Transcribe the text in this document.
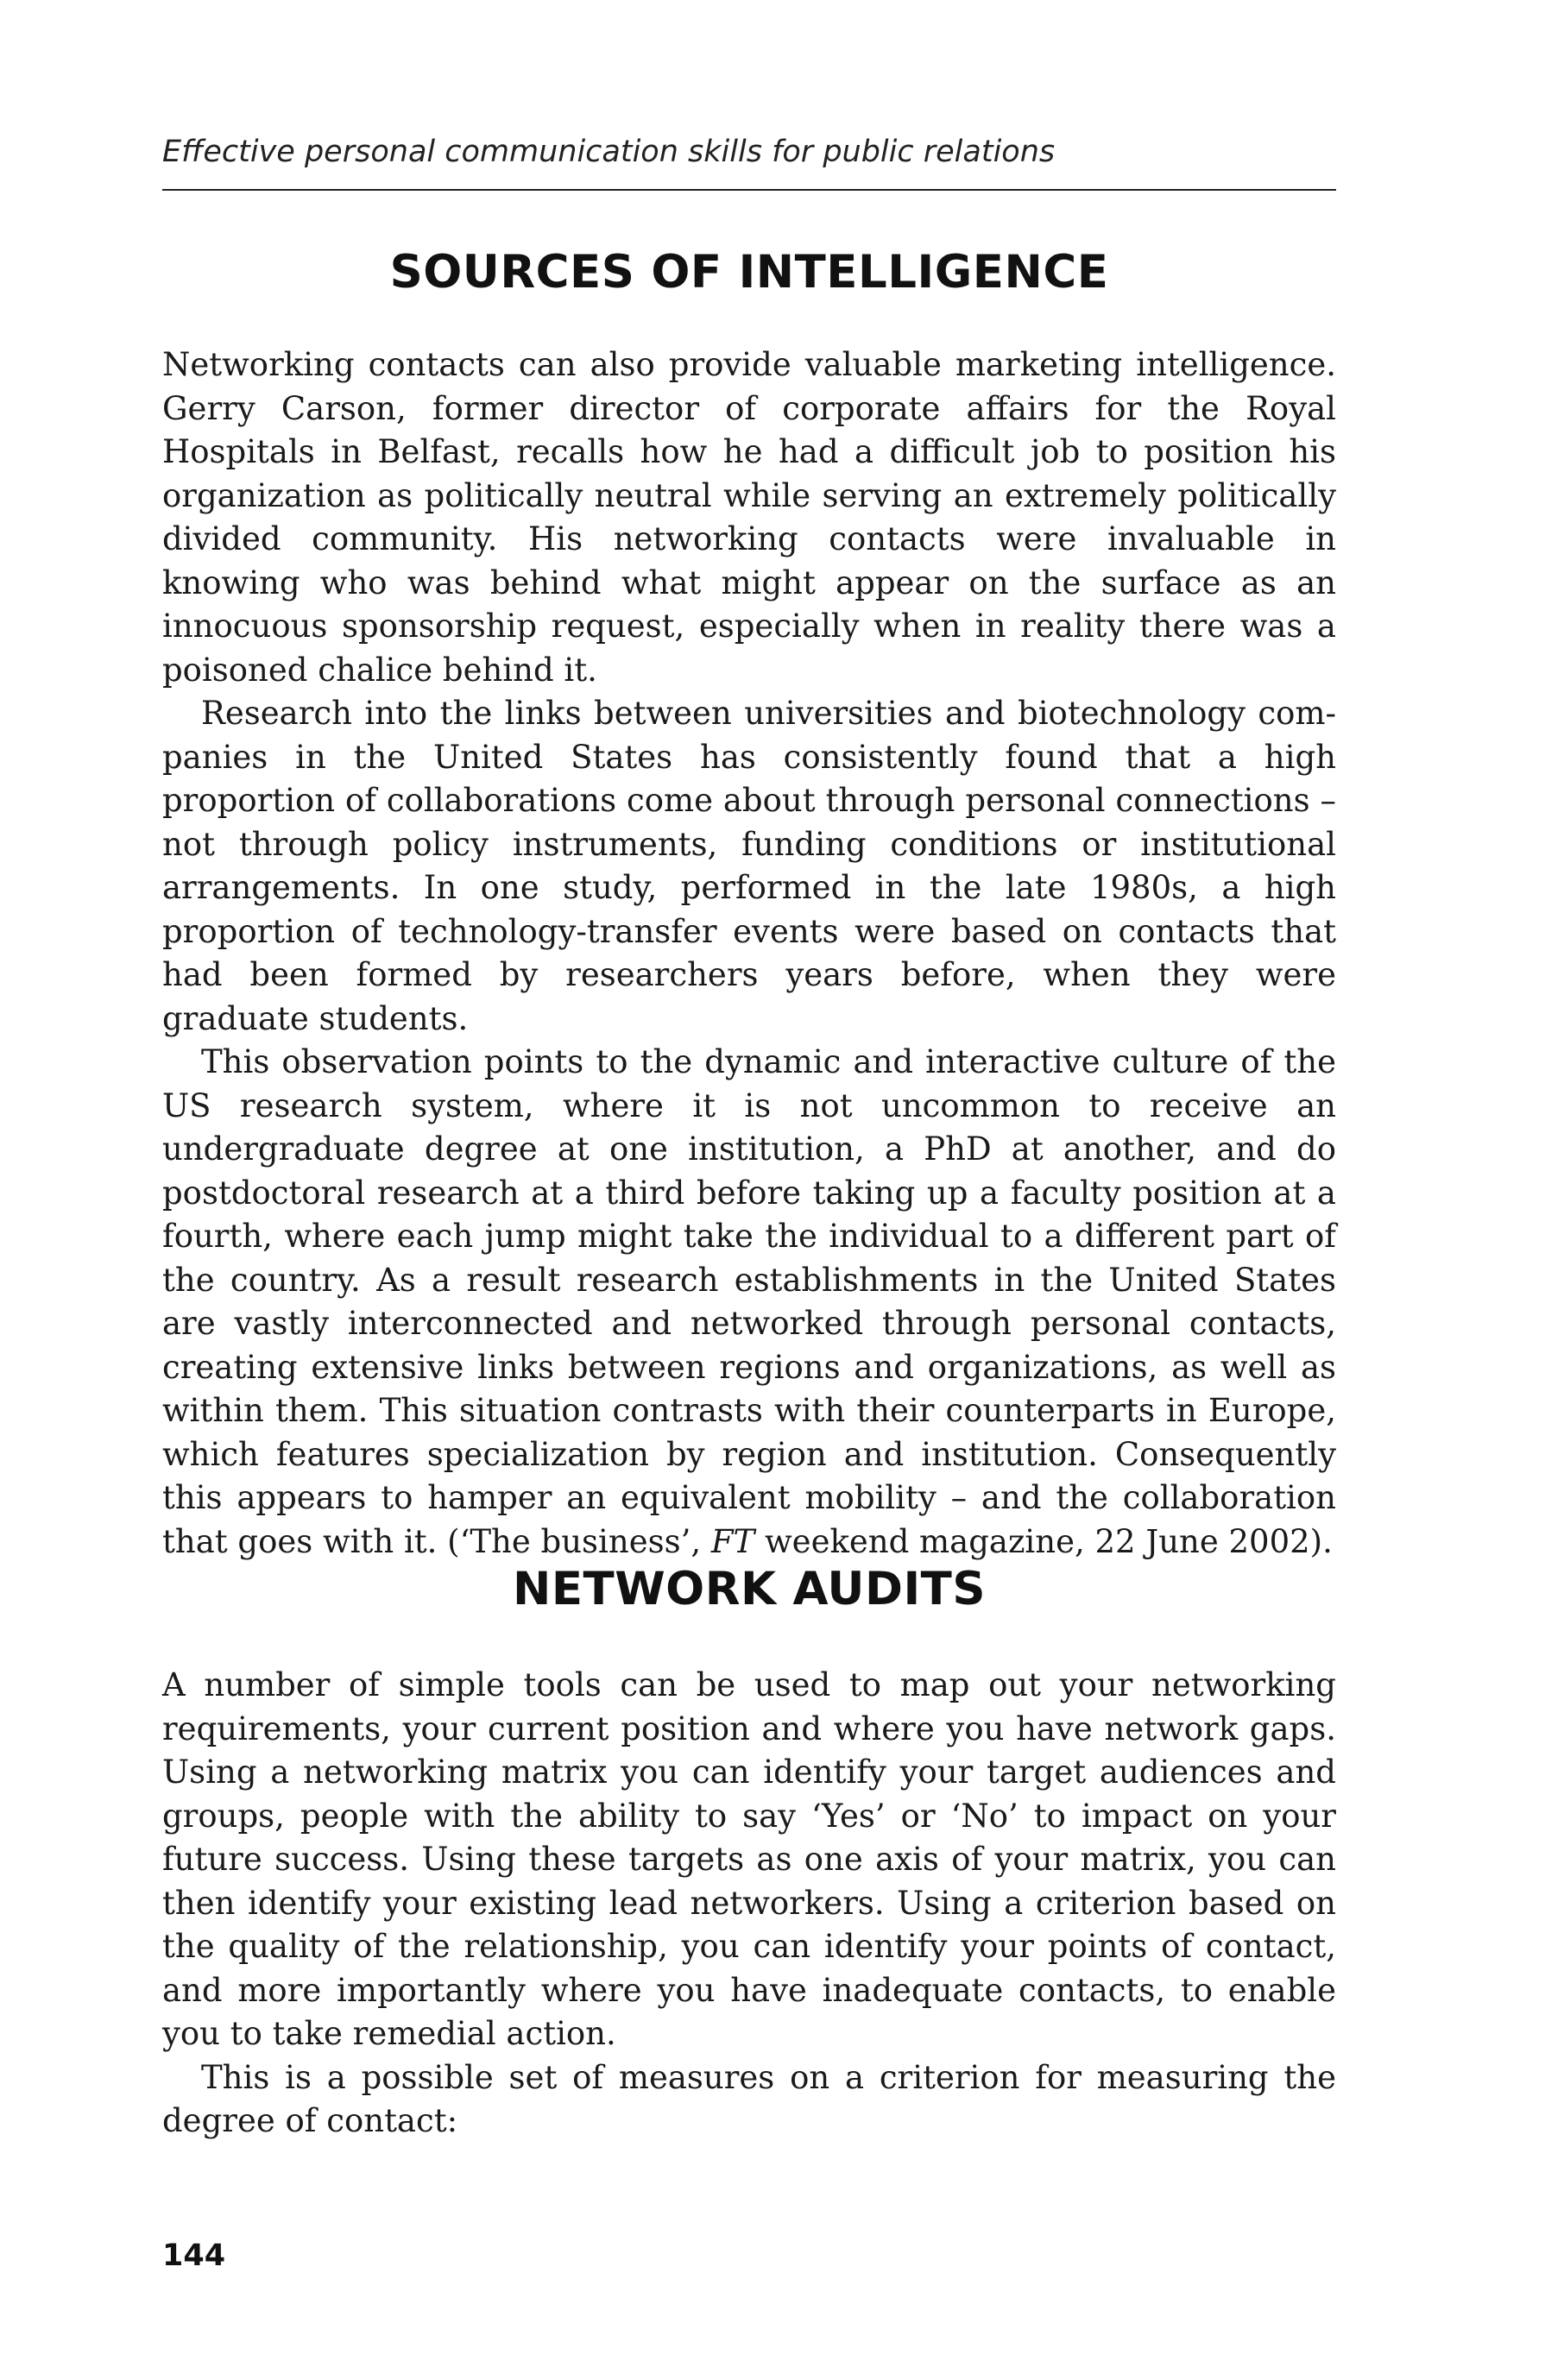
Effective personal communication skills for public relations

SOURCES OF INTELLIGENCE

Networking contacts can also provide valuable marketing intelligence. Gerry Carson, former director of corporate affairs for the Royal Hospitals in Belfast, recalls how he had a difficult job to position his organization as politically neutral while serving an extremely politically divided community. His networking contacts were invaluable in knowing who was behind what might appear on the surface as an innocuous sponsorship request, especially when in reality there was a poisoned chalice behind it.

Research into the links between universities and biotechnology companies in the United States has consistently found that a high proportion of collaborations come about through personal connections – not through policy instruments, funding conditions or institutional arrangements. In one study, performed in the late 1980s, a high proportion of technology-transfer events were based on contacts that had been formed by researchers years before, when they were graduate students.

This observation points to the dynamic and interactive culture of the US research system, where it is not uncommon to receive an undergraduate degree at one institution, a PhD at another, and do postdoctoral research at a third before taking up a faculty position at a fourth, where each jump might take the individual to a different part of the country. As a result research establishments in the United States are vastly interconnected and networked through personal contacts, creating extensive links between regions and organizations, as well as within them. This situation contrasts with their counterparts in Europe, which features specialization by region and institution. Consequently this appears to hamper an equivalent mobility – and the collaboration that goes with it. (‘The business’, FT weekend magazine, 22 June 2002).

NETWORK AUDITS

A number of simple tools can be used to map out your networking requirements, your current position and where you have network gaps. Using a networking matrix you can identify your target audiences and groups, people with the ability to say ‘Yes’ or ‘No’ to impact on your future success. Using these targets as one axis of your matrix, you can then identify your existing lead networkers. Using a criterion based on the quality of the relationship, you can identify your points of contact, and more importantly where you have inadequate contacts, to enable you to take remedial action.

This is a possible set of measures on a criterion for measuring the degree of contact:

144
